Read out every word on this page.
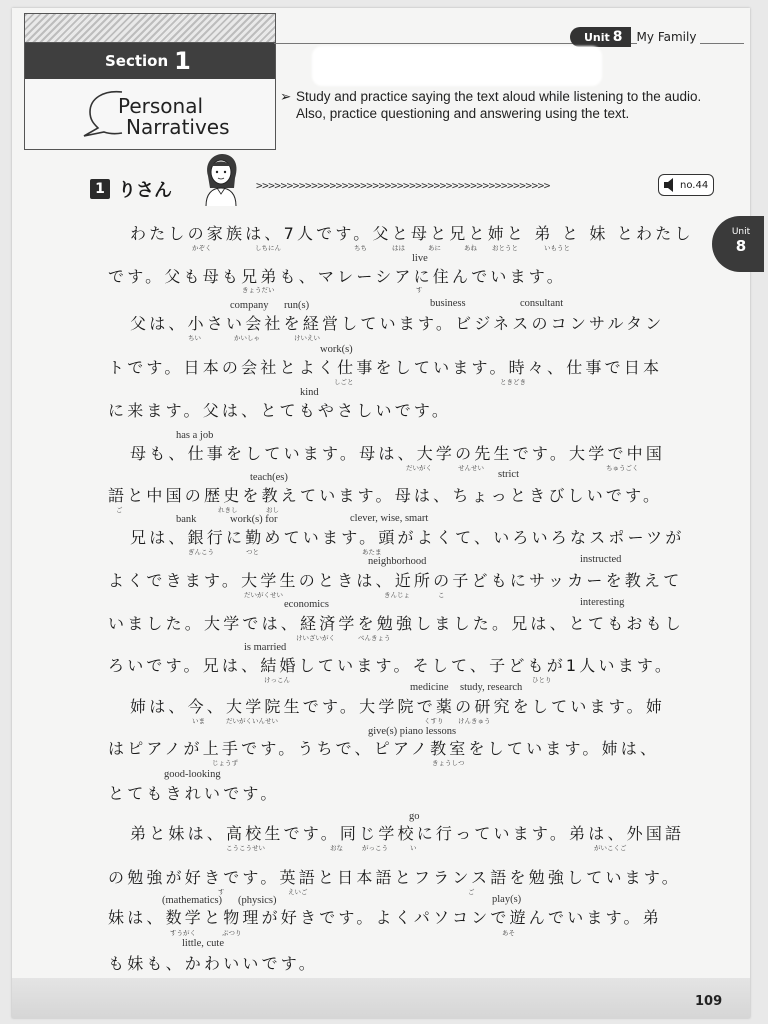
Section 1
Personal
Narratives
Unit 8	My Family
➢ Study and practice saying the text aloud while listening to the audio. Also, practice questioning and answering using the text.
1 りさん	>>>>>>>>>>>>>>>>>>>>>>>>>>>>>>>>>>>>>>>>>>>>>>>>	no.44
Unit
8
わたしの家族は、7人です。父と母と兄と姉と 弟 と 妹 とわたし
です。父も母も兄弟も、マレーシアに住んでいます。
父は、小さい会社を経営しています。ビジネスのコンサルタン
トです。日本の会社とよく仕事をしています。時々、仕事で日本
に来ます。父は、とてもやさしいです。
母も、仕事をしています。母は、大学の先生です。大学で中国
語と中国の歴史を教えています。母は、ちょっときびしいです。
兄は、銀行に勤めています。頭がよくて、いろいろなスポーツが
よくできます。大学生のときは、近所の子どもにサッカーを教えて
いました。大学では、経済学を勉強しました。兄は、とてもおもし
ろいです。兄は、結婚しています。そして、子どもが1人います。
姉は、今、大学院生です。大学院で薬の研究をしています。姉
はピアノが上手です。うちで、ピアノ教室をしています。姉は、
とてもきれいです。
弟と妹は、高校生です。同じ学校に行っています。弟は、外国語
の勉強が好きです。英語と日本語とフランス語を勉強しています。
妹は、数学と物理が好きです。よくパソコンで遊んでいます。弟
も妹も、かわいいです。
live
company run(s)	business	consultant
work(s)
kind
has a job
teach(es)	strict
bank	work(s) for	clever, wise, smart
neighborhood	instructed
economics	interesting
is married
medicine study, research
give(s) piano lessons
good-looking
go
(mathematics) (physics)	play(s)
little, cute
かぞく	しちにん	ちち	はは	あに	あね おとうと	いもうと
きょうだい	す
ちい	かいしゃ	けいえい
しごと	ときどき
だいがく	せんせい	ちゅうごく
ご	れきし	おし
ぎんこう	つと	あたま
だいがくせい	きんじょ	こ
けいざいがく	べんきょう
けっこん	ひとり
いま	だいがくいんせい	くすり けんきゅう
じょうず	きょうしつ
こうこうせい	おな	がっこう	い	がいこくご
す	えいご	ご
すうがく	ぶつり	あそ
109
